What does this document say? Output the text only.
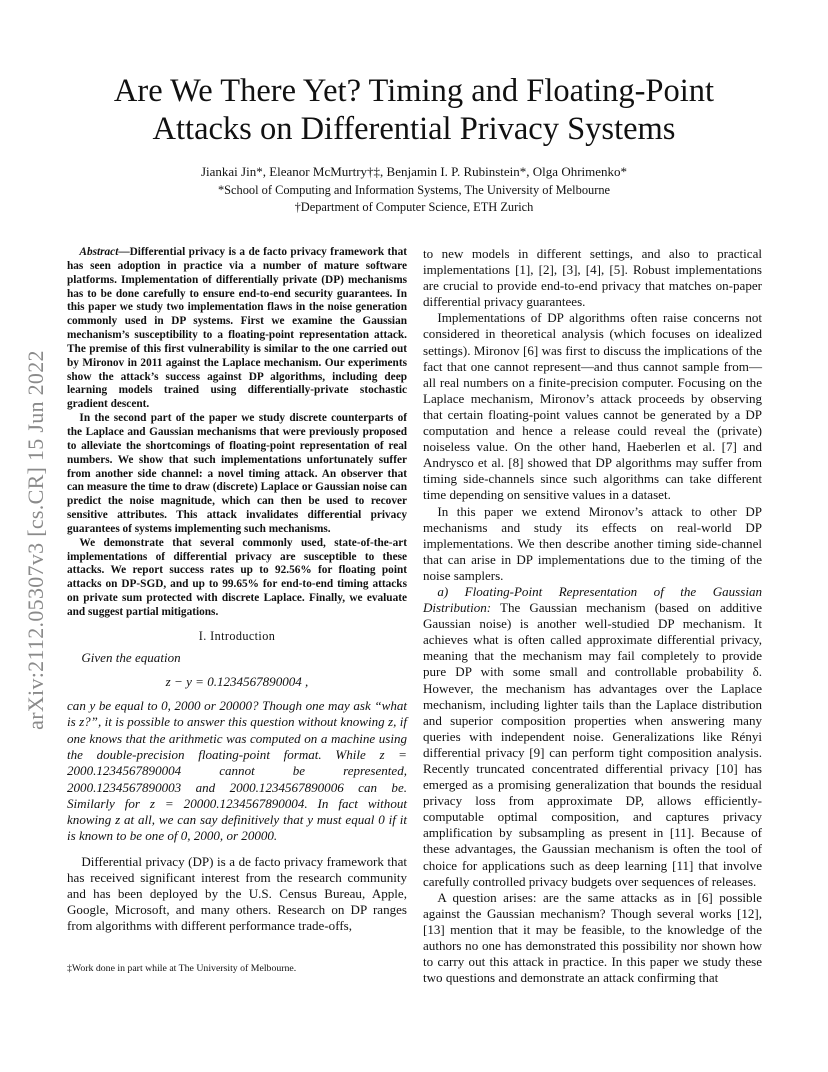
arXiv:2112.05307v3 [cs.CR] 15 Jun 2022
Are We There Yet? Timing and Floating-Point
Attacks on Differential Privacy Systems
Jiankai Jin*, Eleanor McMurtry†‡, Benjamin I. P. Rubinstein*, Olga Ohrimenko*
*School of Computing and Information Systems, The University of Melbourne
†Department of Computer Science, ETH Zurich

Abstract—Differential privacy is a de facto privacy framework that has seen adoption in practice via a number of mature software platforms. Implementation of differentially private (DP) mechanisms has to be done carefully to ensure end-to-end security guarantees. In this paper we study two implementation flaws in the noise generation commonly used in DP systems. First we examine the Gaussian mechanism’s susceptibility to a floating-point representation attack. The premise of this first vulnerability is similar to the one carried out by Mironov in 2011 against the Laplace mechanism. Our experiments show the attack’s success against DP algorithms, including deep learning models trained using differentially-private stochastic gradient descent.

In the second part of the paper we study discrete counterparts of the Laplace and Gaussian mechanisms that were previously proposed to alleviate the shortcomings of floating-point representation of real numbers. We show that such implementations unfortunately suffer from another side channel: a novel timing attack. An observer that can measure the time to draw (discrete) Laplace or Gaussian noise can predict the noise magnitude, which can then be used to recover sensitive attributes. This attack invalidates differential privacy guarantees of systems implementing such mechanisms.

We demonstrate that several commonly used, state-of-the-art implementations of differential privacy are susceptible to these attacks. We report success rates up to 92.56% for floating point attacks on DP-SGD, and up to 99.65% for end-to-end timing attacks on private sum protected with discrete Laplace. Finally, we evaluate and suggest partial mitigations.

I. Introduction

Given the equation

z − y = 0.1234567890004 ,

can y be equal to 0, 2000 or 20000? Though one may ask “what is z?”, it is possible to answer this question without knowing z, if one knows that the arithmetic was computed on a machine using the double-precision floating-point format. While z = 2000.1234567890004 cannot be represented, 2000.1234567890003 and 2000.1234567890006 can be. Similarly for z = 20000.1234567890004. In fact without knowing z at all, we can say definitively that y must equal 0 if it is known to be one of 0, 2000, or 20000.

Differential privacy (DP) is a de facto privacy framework that has received significant interest from the research community and has been deployed by the U.S. Census Bureau, Apple, Google, Microsoft, and many others. Research on DP ranges from algorithms with different performance trade-offs,

‡Work done in part while at The University of Melbourne.

to new models in different settings, and also to practical implementations [1], [2], [3], [4], [5]. Robust implementations are crucial to provide end-to-end privacy that matches on-paper differential privacy guarantees.

Implementations of DP algorithms often raise concerns not considered in theoretical analysis (which focuses on idealized settings). Mironov [6] was first to discuss the implications of the fact that one cannot represent—and thus cannot sample from—all real numbers on a finite-precision computer. Focusing on the Laplace mechanism, Mironov’s attack proceeds by observing that certain floating-point values cannot be generated by a DP computation and hence a release could reveal the (private) noiseless value. On the other hand, Haeberlen et al. [7] and Andrysco et al. [8] showed that DP algorithms may suffer from timing side-channels since such algorithms can take different time depending on sensitive values in a dataset.

In this paper we extend Mironov’s attack to other DP mechanisms and study its effects on real-world DP implementations. We then describe another timing side-channel that can arise in DP implementations due to the timing of the noise samplers.

a) Floating-Point Representation of the Gaussian Distribution: The Gaussian mechanism (based on additive Gaussian noise) is another well-studied DP mechanism. It achieves what is often called approximate differential privacy, meaning that the mechanism may fail completely to provide pure DP with some small and controllable probability δ. However, the mechanism has advantages over the Laplace mechanism, including lighter tails than the Laplace distribution and superior composition properties when answering many queries with independent noise. Generalizations like Rényi differential privacy [9] can perform tight composition analysis. Recently truncated concentrated differential privacy [10] has emerged as a promising generalization that bounds the residual privacy loss from approximate DP, allows efficiently-computable optimal composition, and captures privacy amplification by subsampling as present in [11]. Because of these advantages, the Gaussian mechanism is often the tool of choice for applications such as deep learning [11] that involve carefully controlled privacy budgets over sequences of releases.

A question arises: are the same attacks as in [6] possible against the Gaussian mechanism? Though several works [12], [13] mention that it may be feasible, to the knowledge of the authors no one has demonstrated this possibility nor shown how to carry out this attack in practice. In this paper we study these two questions and demonstrate an attack confirming that
